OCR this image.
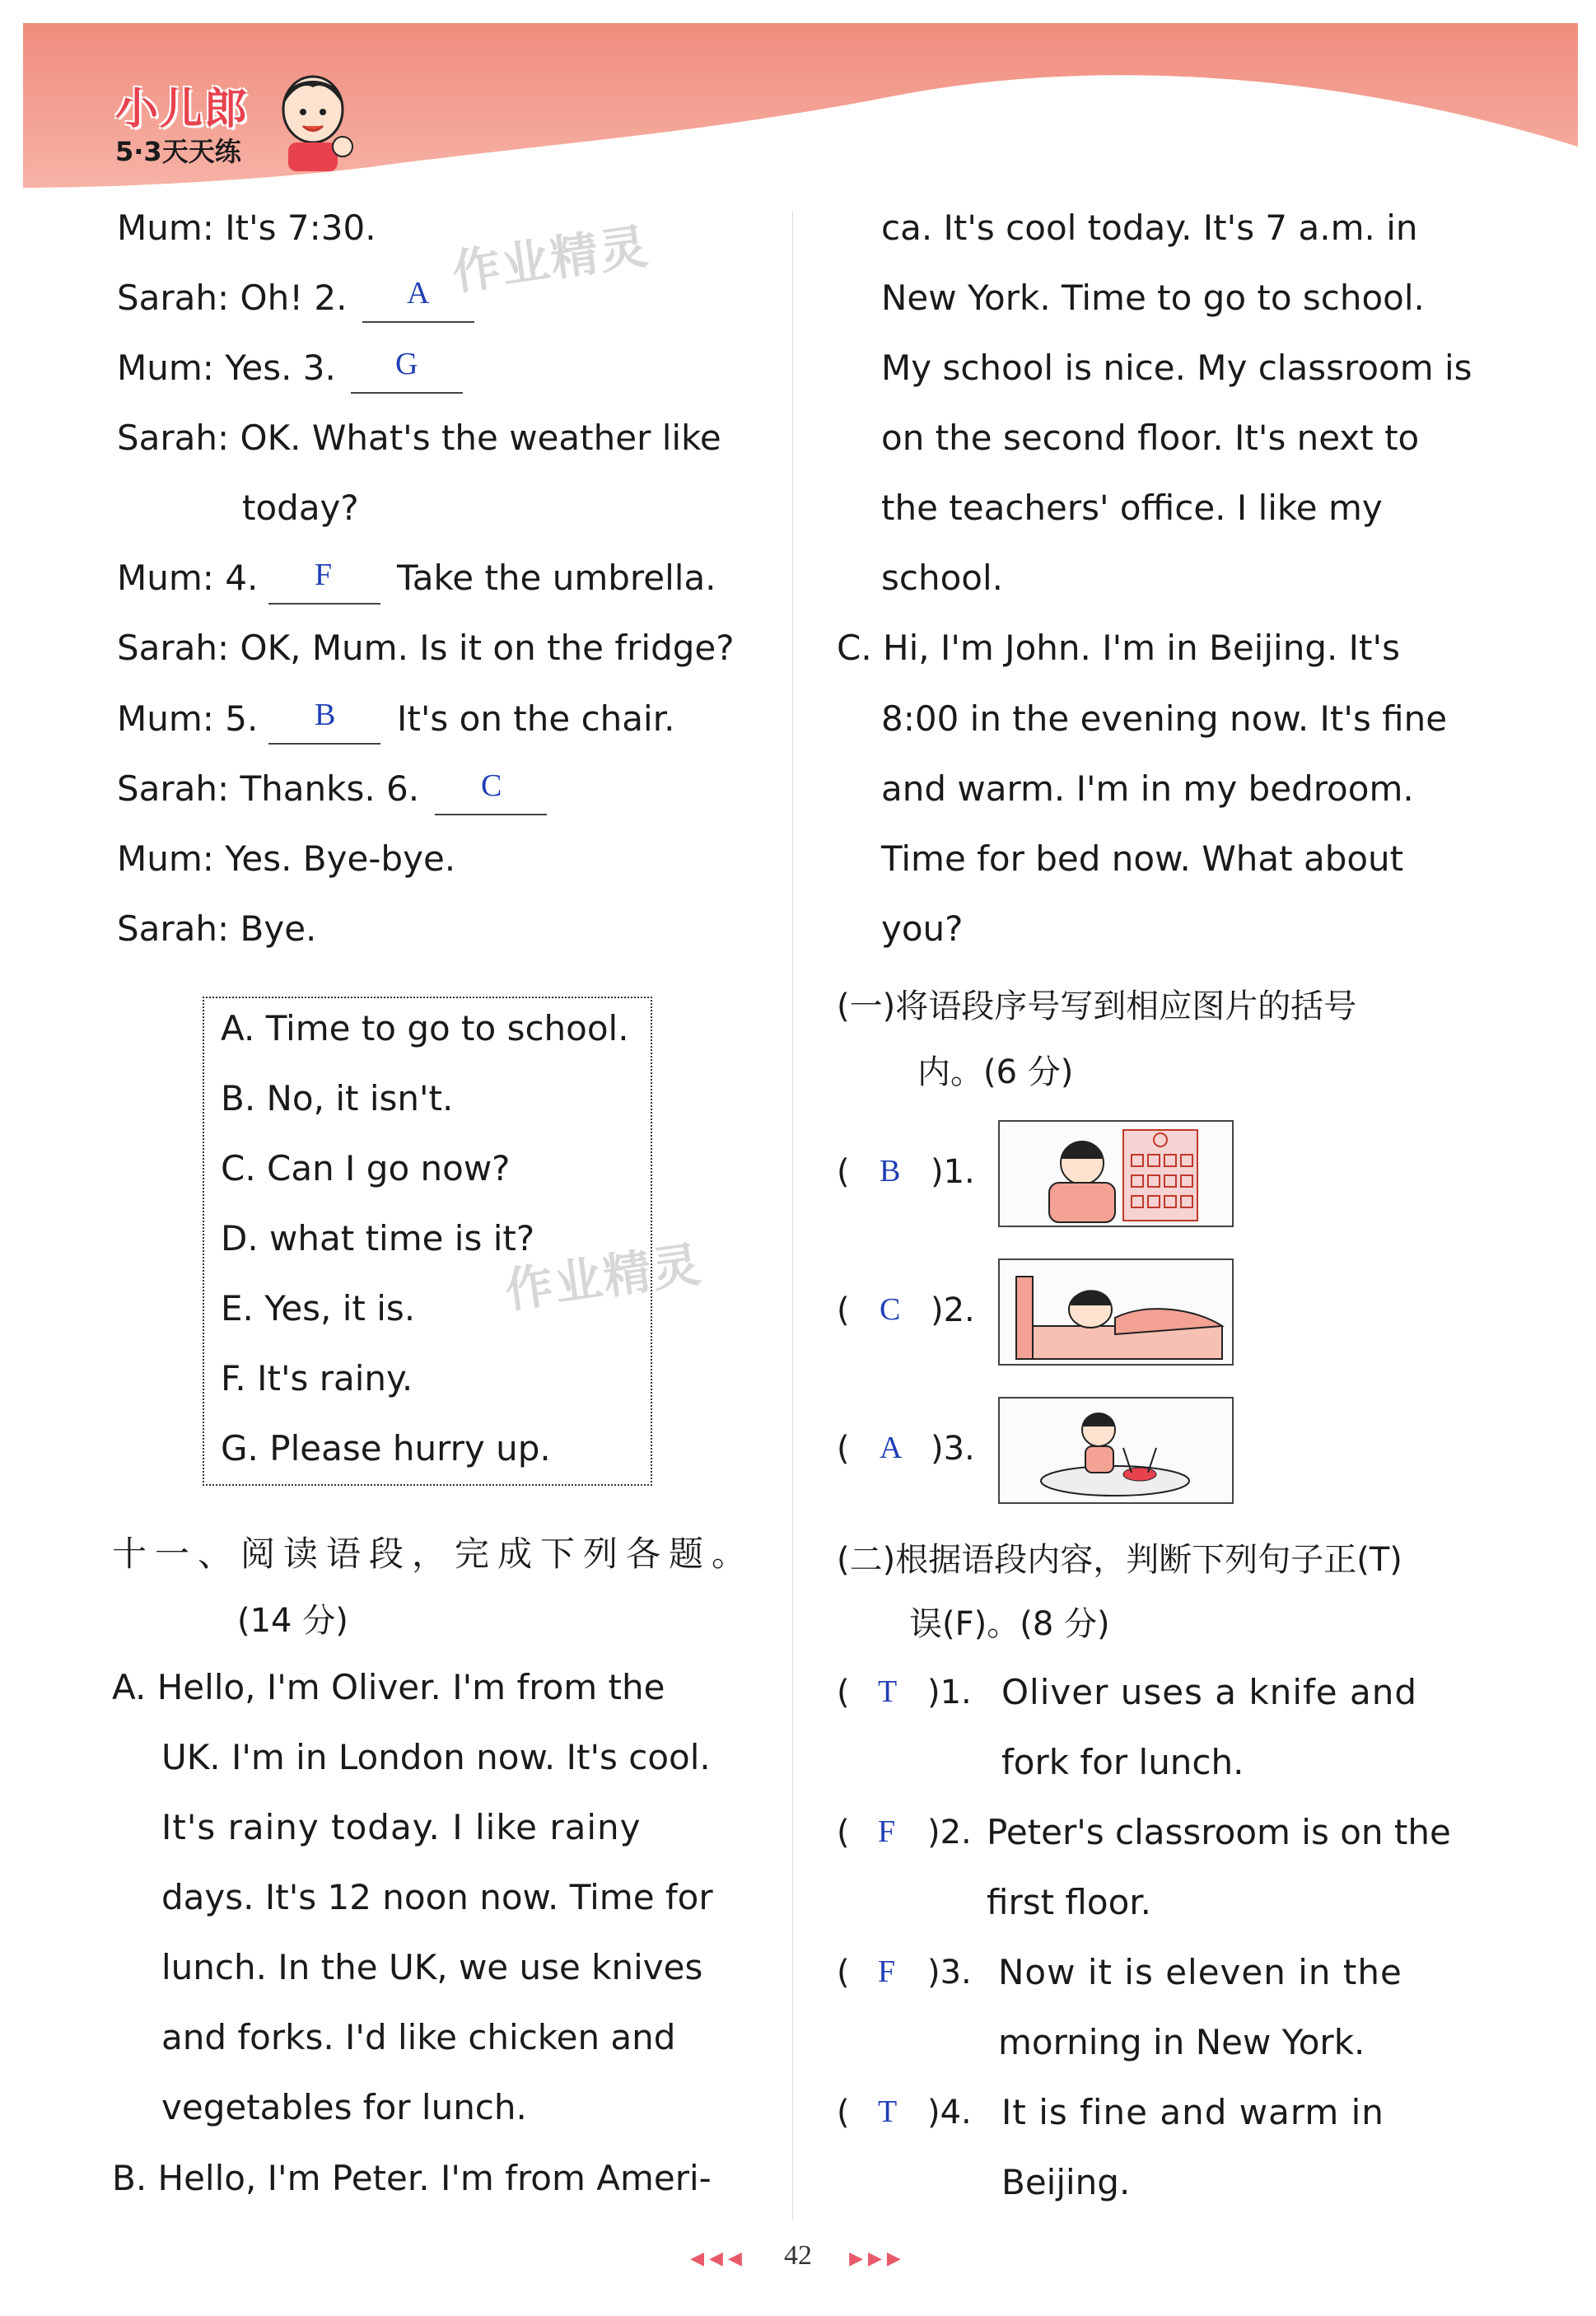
小儿郎
5·3天天练
作业精灵
作业精灵
Mum: It's 7:30.
Sarah: Oh! 2. A
Mum: Yes. 3. G
Sarah: OK. What's the weather like
today?
Mum: 4. F Take the umbrella.
Sarah: OK, Mum. Is it on the fridge?
Mum: 5. B It's on the chair.
Sarah: Thanks. 6. C
Mum: Yes. Bye-bye.
Sarah: Bye.
A. Time to go to school.
B. No, it isn't.
C. Can I go now?
D. what time is it?
E. Yes, it is.
F. It's rainy.
G. Please hurry up.
十一、阅读语段，完成下列各题。
(14 分)
A. Hello, I'm Oliver. I'm from the
UK. I'm in London now. It's cool.
It's rainy today. I like rainy
days. It's 12 noon now. Time for
lunch. In the UK, we use knives
and forks. I'd like chicken and
vegetables for lunch.
B. Hello, I'm Peter. I'm from Ameri-
ca. It's cool today. It's 7 a.m. in
New York. Time to go to school.
My school is nice. My classroom is
on the second floor. It's next to
the teachers' office. I like my
school.
C. Hi, I'm John. I'm in Beijing. It's
8:00 in the evening now. It's fine
and warm. I'm in my bedroom.
Time for bed now. What about
you?
(一)将语段序号写到相应图片的括号
内。(6 分)
( B )1.
( C )2.
( A )3.
(二)根据语段内容，判断下列句子正(T)
误(F)。(8 分)
( T )1. Oliver uses a knife and
fork for lunch.
( F )2. Peter's classroom is on the
first floor.
( F )3. Now it is eleven in the
morning in New York.
( T )4. It is fine and warm in
Beijing.
◀◀◀ 42 ▶▶▶
